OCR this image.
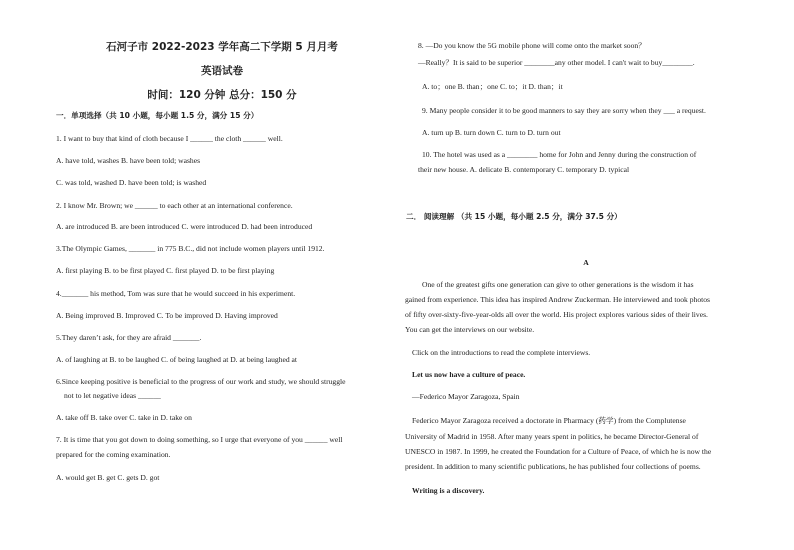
石河子市 2022-2023 学年高二下学期 5 月月考
英语试卷
时间：120 分钟 总分：150 分
一．单项选择（共 10 小题，每小题 1.5 分，满分 15 分）
1. I want to buy that kind of cloth because I ______ the cloth ______ well.
A. have told, washes B. have been told; washes
C. was told, washed D. have been told; is washed
2. I know Mr. Brown; we ______ to each other at an international conference.
A. are introduced B. are been introduced C. were introduced D. had been introduced
3.The Olympic Games, _______ in 775 B.C., did not include women players until 1912.
A. first playing B. to be first played C. first played D. to be first playing
4._______ his method, Tom was sure that he would succeed in his experiment.
A. Being improved B. Improved C. To be improved D. Having improved
5.They daren’t ask, for they are afraid _______.
A. of laughing at B. to be laughed C. of being laughed at D. at being laughed at
6.Since keeping positive is beneficial to the progress of our work and study, we should struggle
not to let negative ideas ______
A. take off B. take over C. take in D. take on
7. It is time that you got down to doing something, so I urge that everyone of you ______ well
prepared for the coming examination.
A. would get B. get C. gets D. got
8. —Do you know the 5G mobile phone will come onto the market soon？
—Really？It is said to be superior ________any other model. I can't wait to buy________.
A. to；one B. than；one C. to；it D. than；it
9. Many people consider it to be good manners to say they are sorry when they ___ a request.
A. turn up B. turn down C. turn to D. turn out
10. The hotel was used as a ________ home for John and Jenny during the construction of
their new house. A. delicate B. contemporary C. temporary D. typical
二． 阅读理解 （共 15 小题，每小题 2.5 分，满分 37.5 分）
A
One of the greatest gifts one generation can give to other generations is the wisdom it has
gained from experience. This idea has inspired Andrew Zuckerman. He interviewed and took photos
of fifty over-sixty-five-year-olds all over the world. His project explores various sides of their lives.
You can get the interviews on our website.
Click on the introductions to read the complete interviews.
Let us now have a culture of peace.
—Federico Mayor Zaragoza, Spain
Federico Mayor Zaragoza received a doctorate in Pharmacy (药学) from the Complutense
University of Madrid in 1958. After many years spent in politics, he became Director-General of
UNESCO in 1987. In 1999, he created the Foundation for a Culture of Peace, of which he is now the
president. In addition to many scientific publications, he has published four collections of poems.
Writing is a discovery.
